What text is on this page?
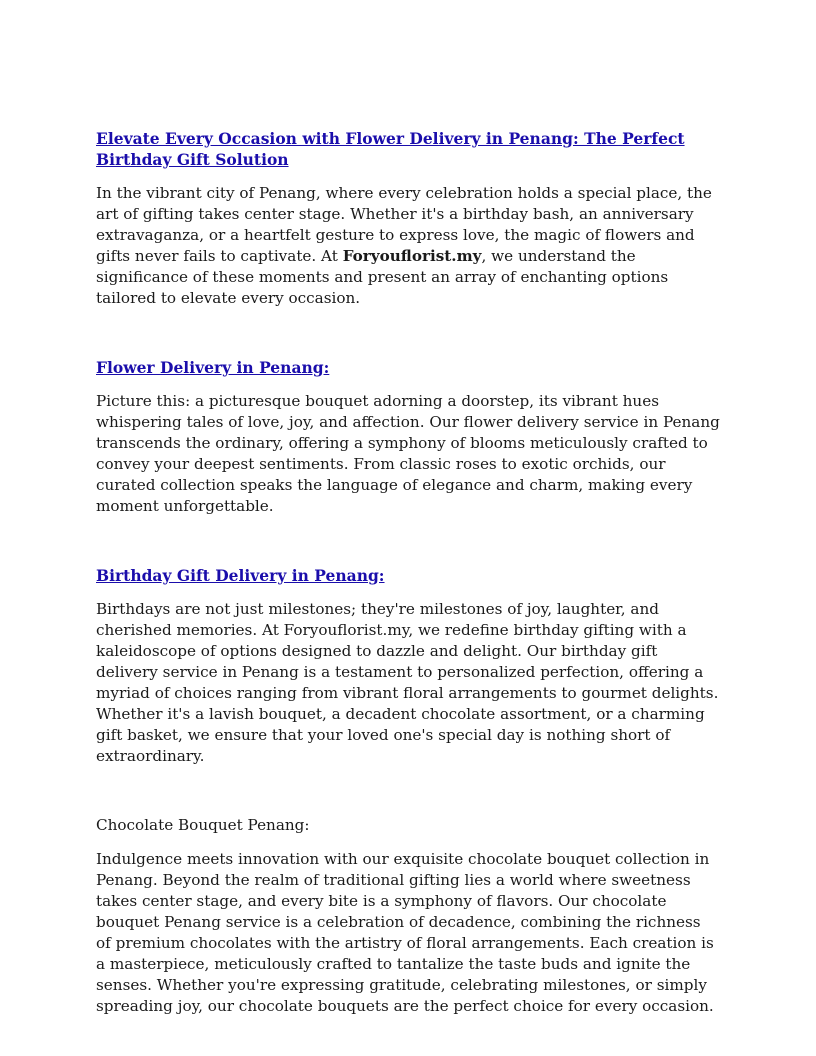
Elevate Every Occasion with Flower Delivery in Penang: The Perfect Birthday Gift Solution

In the vibrant city of Penang, where every celebration holds a special place, the art of gifting takes center stage. Whether it's a birthday bash, an anniversary extravaganza, or a heartfelt gesture to express love, the magic of flowers and gifts never fails to captivate. At Foryouflorist.my, we understand the significance of these moments and present an array of enchanting options tailored to elevate every occasion.

Flower Delivery in Penang:

Picture this: a picturesque bouquet adorning a doorstep, its vibrant hues whispering tales of love, joy, and affection. Our flower delivery service in Penang transcends the ordinary, offering a symphony of blooms meticulously crafted to convey your deepest sentiments. From classic roses to exotic orchids, our curated collection speaks the language of elegance and charm, making every moment unforgettable.

Birthday Gift Delivery in Penang:

Birthdays are not just milestones; they're milestones of joy, laughter, and cherished memories. At Foryouflorist.my, we redefine birthday gifting with a kaleidoscope of options designed to dazzle and delight. Our birthday gift delivery service in Penang is a testament to personalized perfection, offering a myriad of choices ranging from vibrant floral arrangements to gourmet delights. Whether it's a lavish bouquet, a decadent chocolate assortment, or a charming gift basket, we ensure that your loved one's special day is nothing short of extraordinary.

Chocolate Bouquet Penang:

Indulgence meets innovation with our exquisite chocolate bouquet collection in Penang. Beyond the realm of traditional gifting lies a world where sweetness takes center stage, and every bite is a symphony of flavors. Our chocolate bouquet Penang service is a celebration of decadence, combining the richness of premium chocolates with the artistry of floral arrangements. Each creation is a masterpiece, meticulously crafted to tantalize the taste buds and ignite the senses. Whether you're expressing gratitude, celebrating milestones, or simply spreading joy, our chocolate bouquets are the perfect choice for every occasion.
